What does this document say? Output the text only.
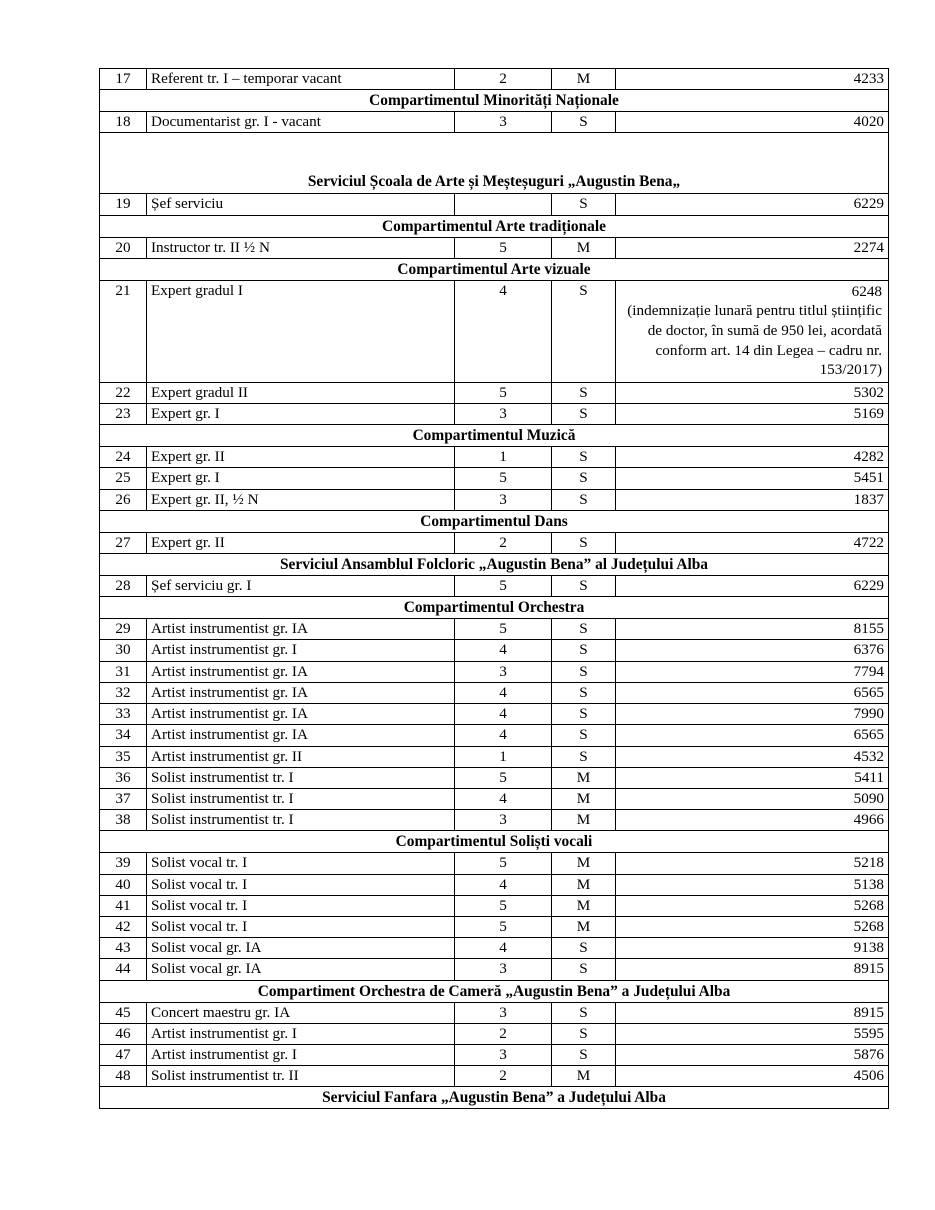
17	Referent tr. I – temporar vacant	2	M	4233
Compartimentul Minorități Naționale				
18	Documentarist gr. I - vacant	3	S	4020
Serviciul Școala de Arte și Meșteșuguri „Augustin Bena„				
19	Șef serviciu		S	6229
Compartimentul Arte tradiționale				
20	Instructor tr. II ½ N	5	M	2274
Compartimentul Arte vizuale				
21	Expert gradul I	4	S	6248
(indemnizație lunară pentru titlul științific de doctor, în sumă de 950 lei, acordată conform art. 14 din Legea – cadru nr. 153/2017)

22	Expert gradul II	5	S	5302
23	Expert gr. I	3	S	5169
Compartimentul Muzică				
24	Expert gr. II	1	S	4282
25	Expert gr. I	5	S	5451
26	Expert gr. II, ½ N	3	S	1837
Compartimentul Dans				
27	Expert gr. II	2	S	4722
Serviciul Ansamblul Folcloric „Augustin Bena” al Județului Alba				
28	Șef serviciu gr. I	5	S	6229
Compartimentul Orchestra				
29	Artist instrumentist gr. IA	5	S	8155
30	Artist instrumentist gr. I	4	S	6376
31	Artist instrumentist gr. IA	3	S	7794
32	Artist instrumentist gr. IA	4	S	6565
33	Artist instrumentist gr. IA	4	S	7990
34	Artist instrumentist gr. IA	4	S	6565
35	Artist instrumentist gr. II	1	S	4532
36	Solist instrumentist tr. I	5	M	5411
37	Solist instrumentist tr. I	4	M	5090
38	Solist instrumentist tr. I	3	M	4966
Compartimentul Soliști vocali				
39	Solist vocal tr. I	5	M	5218
40	Solist vocal tr. I	4	M	5138
41	Solist vocal tr. I	5	M	5268
42	Solist vocal tr. I	5	M	5268
43	Solist vocal gr. IA	4	S	9138
44	Solist vocal gr. IA	3	S	8915
Compartiment Orchestra de Cameră „Augustin Bena” a Județului Alba				
45	Concert maestru gr. IA	3	S	8915
46	Artist instrumentist gr. I	2	S	5595
47	Artist instrumentist gr. I	3	S	5876
48	Solist instrumentist tr. II	2	M	4506
Serviciul Fanfara „Augustin Bena” a Județului Alba				
